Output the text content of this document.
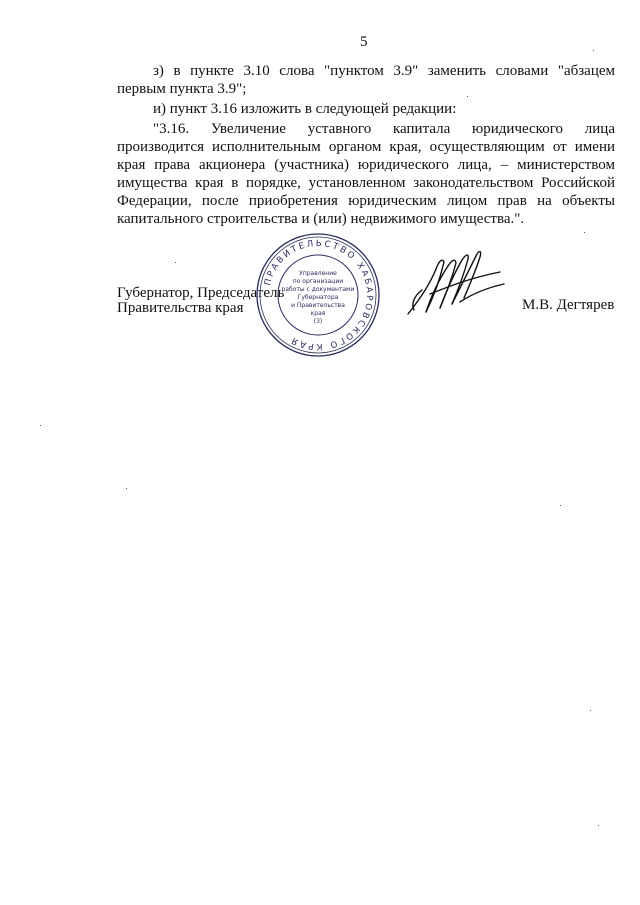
5

з) в пункте 3.10 слова "пунктом 3.9" заменить словами "абзацем первым пункта 3.9";

и) пункт 3.16 изложить в следующей редакции:

"3.16. Увеличение уставного капитала юридического лица производится исполнительным органом края, осуществляющим от имени края права акционера (участника) юридического лица, – министерством имущества края в порядке, установленном законодательством Российской Федерации, после приобретения юридическим лицом прав на объекты капитального строительства и (или) недвижимого имущества.".

Губернатор, Председатель
Правительства края	М.В. Дегтярев
ПРАВИТЕЛЬСТВО ХАБАРОВСКОГО КРАЯ
Управление
по организации
работы с документами
Губернатора
и Правительства
края
(3)
